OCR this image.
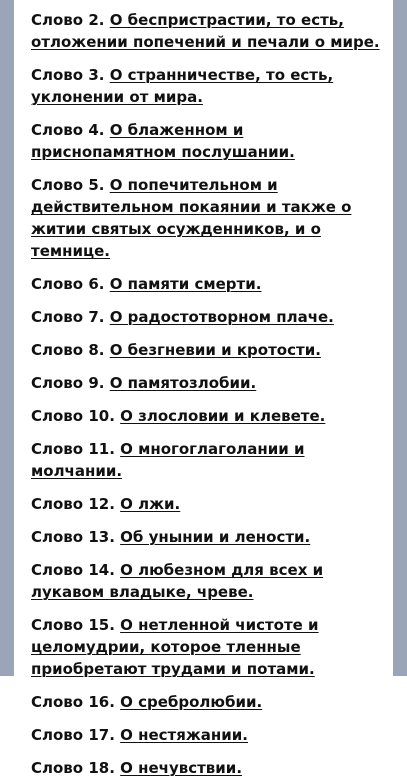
Слово 2. О беспристрастии, то есть, отложении попечений и печали о мире.
Слово 3. О странничестве, то есть, уклонении от мира.
Слово 4. О блаженном и приснопамятном послушании.
Слово 5. О попечительном и действительном покаянии и также о житии святых осужденников, и о темнице.
Слово 6. О памяти смерти.
Слово 7. О радостотворном плаче.
Слово 8. О безгневии и кротости.
Слово 9. О памятозлобии.
Слово 10. О злословии и клевете.
Слово 11. О многоглаголании и молчании.
Слово 12. О лжи.
Слово 13. Об унынии и лености.
Слово 14. О любезном для всех и лукавом владыке, чреве.
Слово 15. О нетленной чистоте и целомудрии, которое тленные приобретают трудами и потами.
Слово 16. О сребролюбии.
Слово 17. О нестяжании.
Слово 18. О нечувствии.
